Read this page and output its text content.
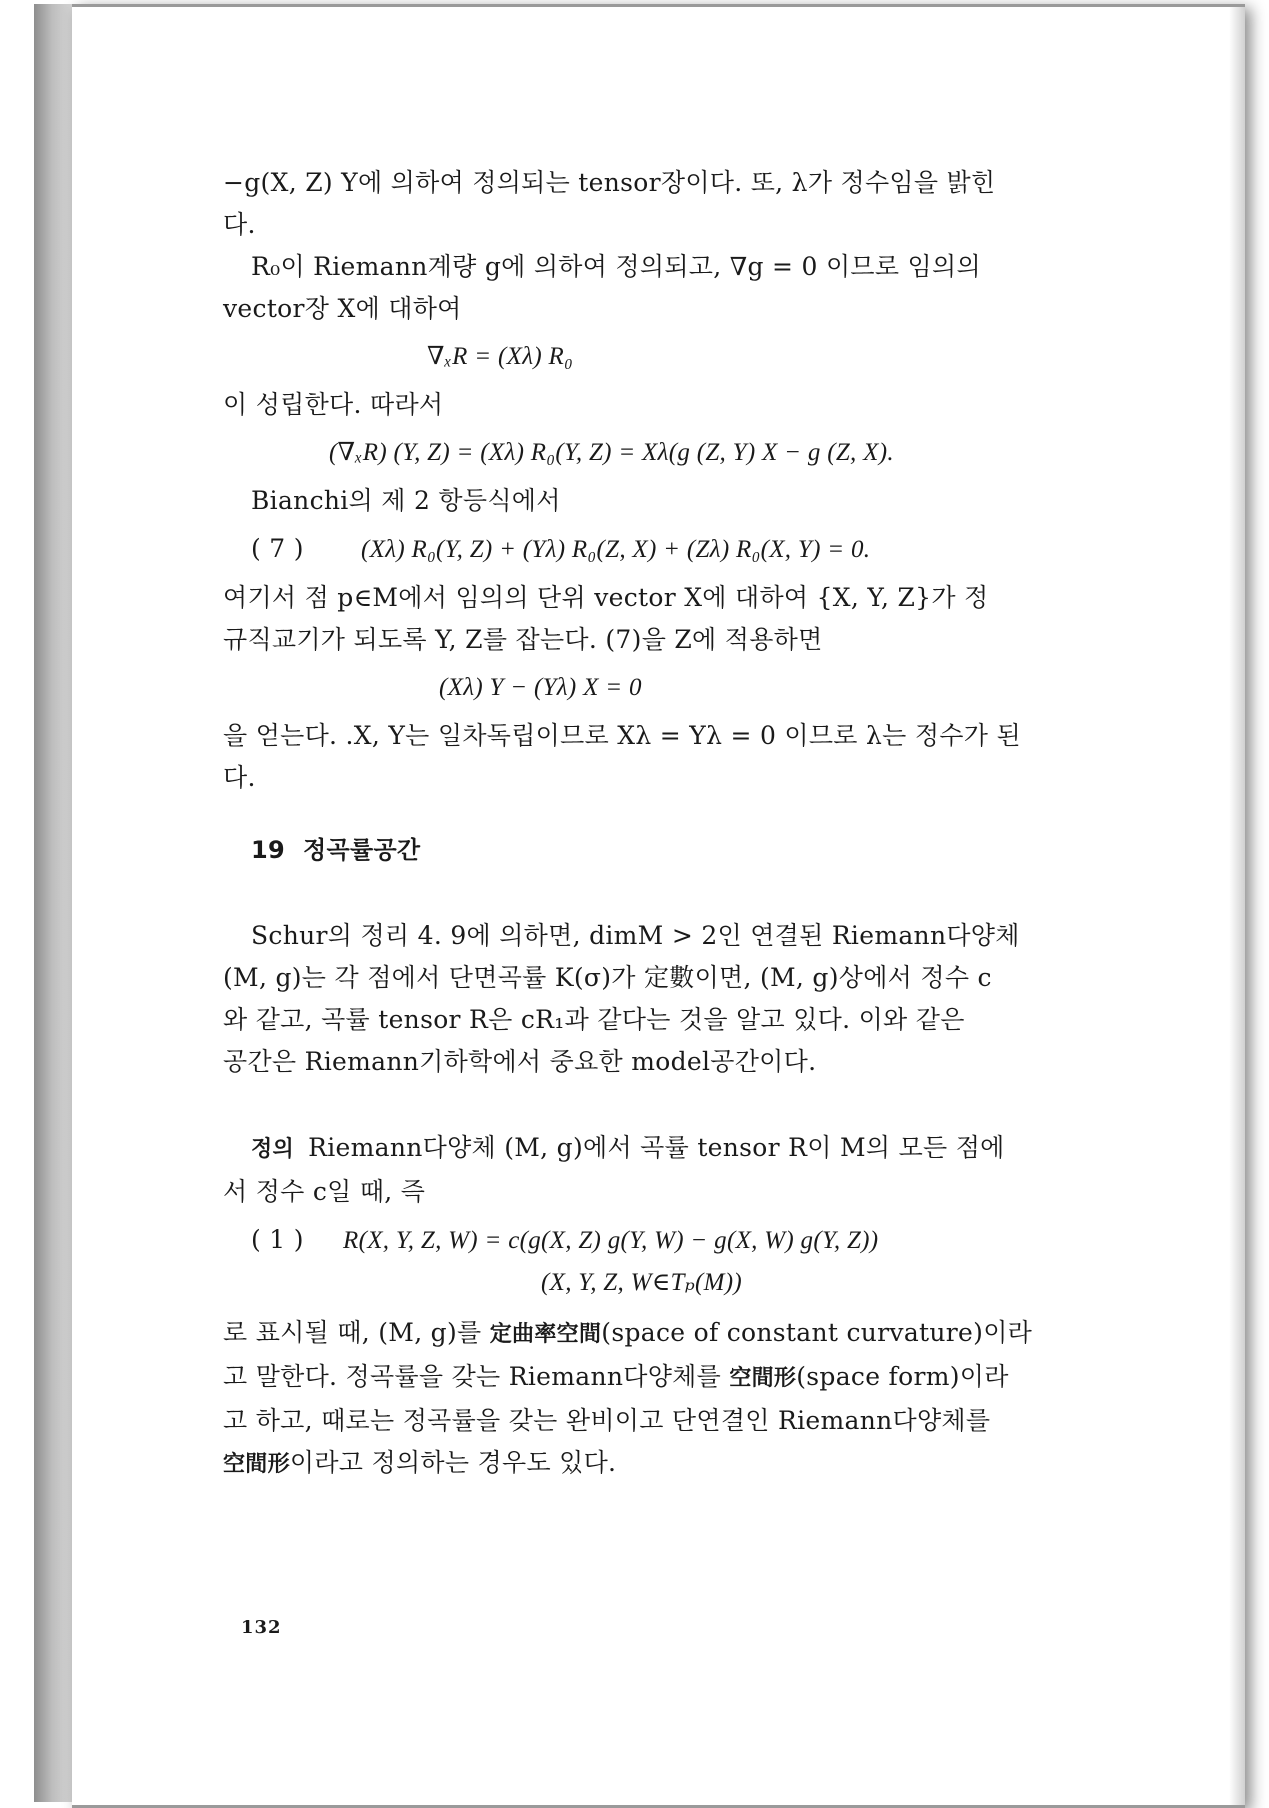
−g(X, Z) Y에 의하여 정의되는 tensor장이다. 또, λ가 정수임을 밝힌

다.

R₀이 Riemann계량 g에 의하여 정의되고, ∇g = 0 이므로 임의의

vector장 X에 대하여

∇ₓR = (Xλ) R₀

이 성립한다. 따라서

(∇ₓR) (Y, Z) = (Xλ) R₀(Y, Z) = Xλ(g (Z, Y) X − g (Z, X).

Bianchi의 제 2 항등식에서

( 7 ) (Xλ) R₀(Y, Z) + (Yλ) R₀(Z, X) + (Zλ) R₀(X, Y) = 0.

여기서 점 p∈M에서 임의의 단위 vector X에 대하여 {X, Y, Z}가 정

규직교기가 되도록 Y, Z를 잡는다. (7)을 Z에 적용하면

(Xλ) Y − (Yλ) X = 0

을 얻는다. .X, Y는 일차독립이므로 Xλ = Yλ = 0 이므로 λ는 정수가 된

다.

19 정곡률공간

Schur의 정리 4. 9에 의하면, dimM > 2인 연결된 Riemann다양체

(M, g)는 각 점에서 단면곡률 K(σ)가 定數이면, (M, g)상에서 정수 c

와 같고, 곡률 tensor R은 cR₁과 같다는 것을 알고 있다. 이와 같은

공간은 Riemann기하학에서 중요한 model공간이다.

정의 Riemann다양체 (M, g)에서 곡률 tensor R이 M의 모든 점에

서 정수 c일 때, 즉

( 1 ) R(X, Y, Z, W) = c(g(X, Z) g(Y, W) − g(X, W) g(Y, Z))

(X, Y, Z, W∈Tₚ(M))

로 표시될 때, (M, g)를 定曲率空間(space of constant curvature)이라

고 말한다. 정곡률을 갖는 Riemann다양체를 空間形(space form)이라

고 하고, 때로는 정곡률을 갖는 완비이고 단연결인 Riemann다양체를

空間形이라고 정의하는 경우도 있다.

132
